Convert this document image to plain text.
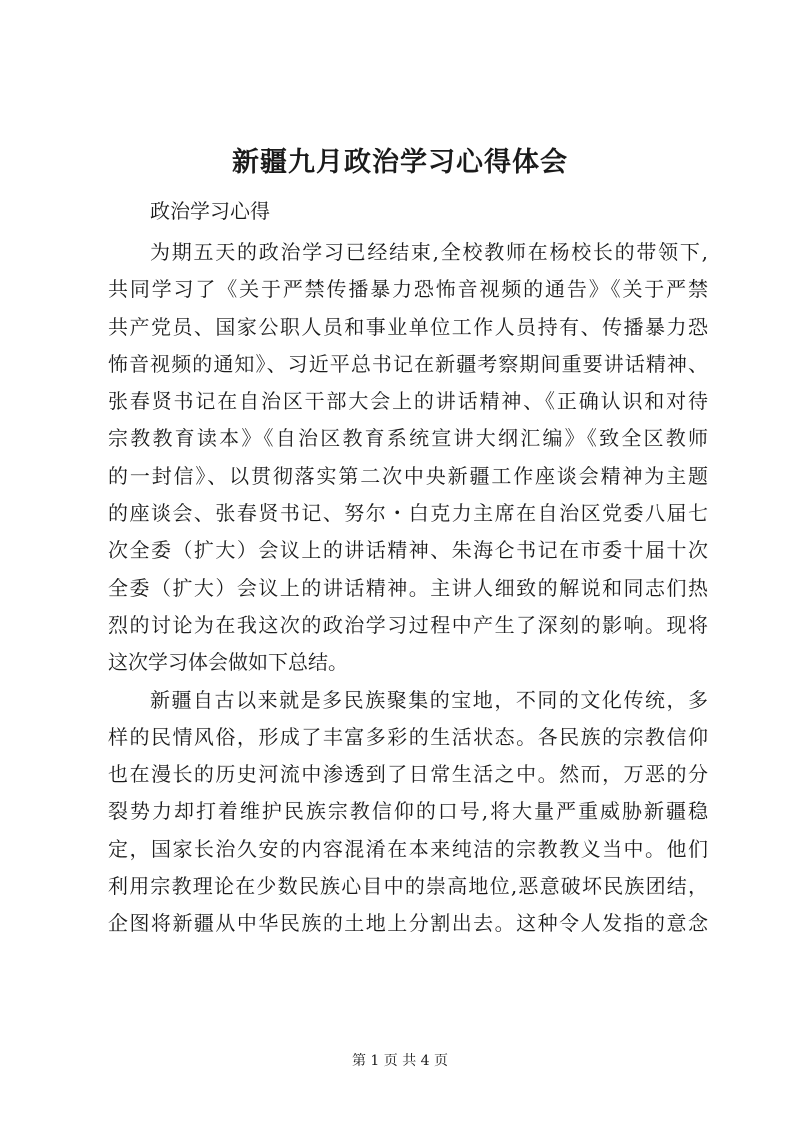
新疆九月政治学习心得体会

政治学习心得

为期五天的政治学习已经结束,全校教师在杨校长的带领下,
共同学习了《关于严禁传播暴力恐怖音视频的通告》《关于严禁
共产党员、国家公职人员和事业单位工作人员持有、传播暴力恐
怖音视频的通知》、习近平总书记在新疆考察期间重要讲话精神、
张春贤书记在自治区干部大会上的讲话精神、《正确认识和对待
宗教教育读本》《自治区教育系统宣讲大纲汇编》《致全区教师
的一封信》、以贯彻落实第二次中央新疆工作座谈会精神为主题
的座谈会、张春贤书记、努尔・白克力主席在自治区党委八届七
次全委（扩大）会议上的讲话精神、朱海仑书记在市委十届十次
全委（扩大）会议上的讲话精神。主讲人细致的解说和同志们热
烈的讨论为在我这次的政治学习过程中产生了深刻的影响。现将
这次学习体会做如下总结。
新疆自古以来就是多民族聚集的宝地，不同的文化传统，多
样的民情风俗，形成了丰富多彩的生活状态。各民族的宗教信仰
也在漫长的历史河流中渗透到了日常生活之中。然而，万恶的分
裂势力却打着维护民族宗教信仰的口号,将大量严重威胁新疆稳
定，国家长治久安的内容混淆在本来纯洁的宗教教义当中。他们
利用宗教理论在少数民族心目中的崇高地位,恶意破坏民族团结，
企图将新疆从中华民族的土地上分割出去。这种令人发指的意念

第 1 页 共 4 页
